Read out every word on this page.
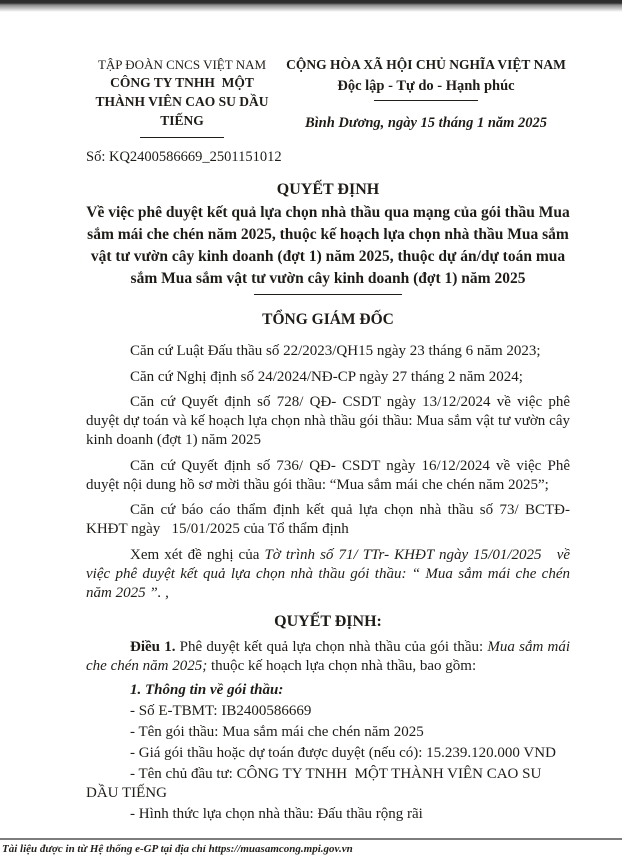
TẬP ĐOÀN CNCS VIỆT NAM
CÔNG TY TNHH  MỘT THÀNH VIÊN CAO SU DẦU TIẾNG
CỘNG HÒA XÃ HỘI CHỦ NGHĨA VIỆT NAM
Độc lập - Tự do - Hạnh phúc
Bình Dương, ngày 15 tháng 1 năm 2025
Số: KQ2400586669_2501151012
QUYẾT ĐỊNH
Về việc phê duyệt kết quả lựa chọn nhà thầu qua mạng của gói thầu Mua
sắm mái che chén năm 2025, thuộc kế hoạch lựa chọn nhà thầu Mua sắm
vật tư vườn cây kinh doanh (đợt 1) năm 2025, thuộc dự án/dự toán mua
sắm Mua sắm vật tư vườn cây kinh doanh (đợt 1) năm 2025
TỔNG GIÁM ĐỐC

Căn cứ Luật Đấu thầu số 22/2023/QH15 ngày 23 tháng 6 năm 2023;

Căn cứ Nghị định số 24/2024/NĐ-CP ngày 27 tháng 2 năm 2024;

Căn cứ Quyết định số 728/ QĐ- CSDT ngày 13/12/2024 về việc phê duyệt dự toán và kế hoạch lựa chọn nhà thầu gói thầu: Mua sắm vật tư vườn cây kinh doanh (đợt 1) năm 2025

Căn cứ Quyết định số 736/ QĐ- CSDT ngày 16/12/2024 về việc Phê duyệt nội dung hồ sơ mời thầu gói thầu: “Mua sắm mái che chén năm 2025”;

Căn cứ báo cáo thẩm định kết quả lựa chọn nhà thầu số 73/ BCTĐ-KHĐT ngày   15/01/2025 của Tổ thẩm định

Xem xét đề nghị của Tờ trình số 71/ TTr- KHĐT ngày 15/01/2025   về việc phê duyệt kết quả lựa chọn nhà thầu gói thầu: “ Mua sắm mái che chén năm 2025 ”. ,

QUYẾT ĐỊNH:

Điều 1. Phê duyệt kết quả lựa chọn nhà thầu của gói thầu: Mua sắm mái che chén năm 2025; thuộc kế hoạch lựa chọn nhà thầu, bao gồm:

1. Thông tin về gói thầu:

- Số E-TBMT: IB2400586669

- Tên gói thầu: Mua sắm mái che chén năm 2025

- Giá gói thầu hoặc dự toán được duyệt (nếu có): 15.239.120.000 VND

- Tên chủ đầu tư: CÔNG TY TNHH  MỘT THÀNH VIÊN CAO SU DẦU TIẾNG

- Hình thức lựa chọn nhà thầu: Đấu thầu rộng rãi

Tài liệu được in từ Hệ thống e-GP tại địa chỉ https://muasamcong.mpi.gov.vn
